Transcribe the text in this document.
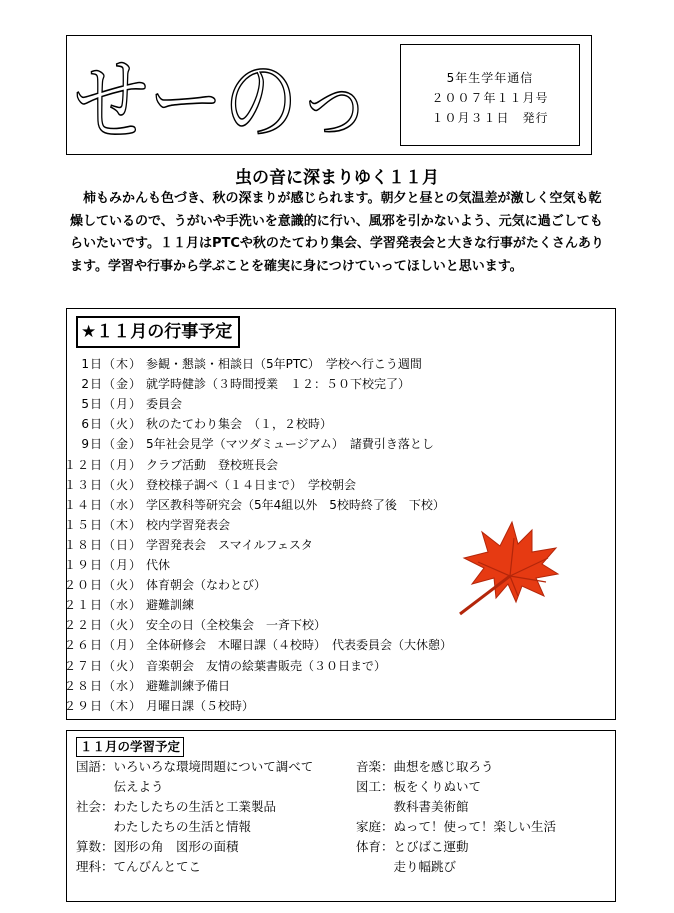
せーのっ	5年生学年通信
２００７年１１月号
１０月３１日　発行
虫の音に深まりゆく１１月
柿もみかんも色づき、秋の深まりが感じられます。朝夕と昼との気温差が激しく空気も乾燥しているので、うがいや手洗いを意識的に行い、風邪を引かないよう、元気に過ごしてもらいたいです。１１月はPTCや秋のたてわり集会、学習発表会と大きな行事がたくさんあります。学習や行事から学ぶことを確実に身につけていってほしいと思います。
★１１月の行事予定
1日（木） 参観・懇談・相談日（5年PTC）　学校へ行こう週間
2日（金） 就学時健診（３時間授業　１２：５０下校完了）
5日（月） 委員会
6日（火） 秋のたてわり集会　（１，２校時）
9日（金） 5年社会見学（マツダミュージアム）　諸費引き落とし
１２日（月） クラブ活動　登校班長会
１３日（火） 登校様子調べ（１４日まで）　学校朝会
１４日（水） 学区教科等研究会（5年4組以外　5校時終了後　下校）
１５日（木） 校内学習発表会
１８日（日） 学習発表会　スマイルフェスタ
１９日（月） 代休
２０日（火） 体育朝会（なわとび）
２１日（水） 避難訓練
２２日（火） 安全の日（全校集会　一斉下校）
２６日（月） 全体研修会　木曜日課（４校時）　代表委員会（大休憩）
２７日（火） 音楽朝会　友情の絵葉書販売（３０日まで）
２８日（水） 避難訓練予備日
２９日（木） 月曜日課（５校時）
１１月の学習予定
国語：いろいろな環境問題について調べて
　　　伝えよう
社会：わたしたちの生活と工業製品
　　　わたしたちの生活と情報
算数：図形の角　図形の面積
理科：てんびんとてこ
音楽：曲想を感じ取ろう
図工：板をくりぬいて
　　　教科書美術館
家庭：ぬって！使って！楽しい生活
体育：とびばこ運動
　　　走り幅跳び
